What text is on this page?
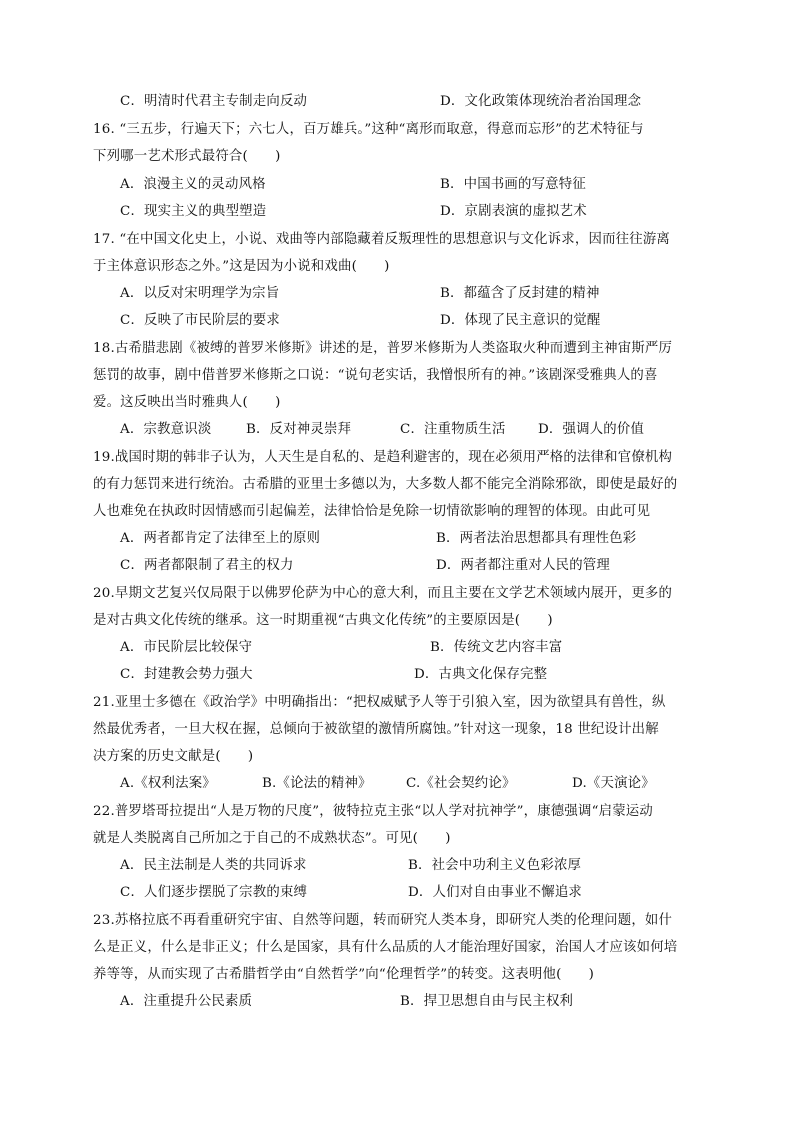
C．明清时代君主专制走向反动	D．文化政策体现统治者治国理念
16. “三五步，行遍天下；六七人，百万雄兵。”这种“离形而取意，得意而忘形”的艺术特征与
下列哪一艺术形式最符合(　　)
A．浪漫主义的灵动风格	B．中国书画的写意特征
C．现实主义的典型塑造	D．京剧表演的虚拟艺术
17. “在中国文化史上，小说、戏曲等内部隐藏着反叛理性的思想意识与文化诉求，因而往往游离
于主体意识形态之外。”这是因为小说和戏曲(　　)
A．以反对宋明理学为宗旨	B．都蕴含了反封建的精神
C．反映了市民阶层的要求	D．体现了民主意识的觉醒
18.古希腊悲剧《被缚的普罗米修斯》讲述的是，普罗米修斯为人类盗取火种而遭到主神宙斯严厉
惩罚的故事，剧中借普罗米修斯之口说：“说句老实话，我憎恨所有的神。”该剧深受雅典人的喜
爱。这反映出当时雅典人(　　)
A．宗教意识淡	B．反对神灵崇拜	C．注重物质生活 D．强调人的价值
19.战国时期的韩非子认为，人天生是自私的、是趋利避害的，现在必须用严格的法律和官僚机构
的有力惩罚来进行统治。古希腊的亚里士多德以为，大多数人都不能完全消除邪欲，即使是最好的
人也难免在执政时因情感而引起偏差，法律恰恰是免除一切情欲影响的理智的体现。由此可见
A．两者都肯定了法律至上的原则	B．两者法治思想都具有理性色彩
C．两者都限制了君主的权力	D．两者都注重对人民的管理
20.早期文艺复兴仅局限于以佛罗伦萨为中心的意大利，而且主要在文学艺术领域内展开，更多的
是对古典文化传统的继承。这一时期重视“古典文化传统”的主要原因是(　　)
A．市民阶层比较保守	B．传统文艺内容丰富
C．封建教会势力强大	D．古典文化保存完整
21.亚里士多德在《政治学》中明确指出：“把权威赋予人等于引狼入室，因为欲望具有兽性，纵
然最优秀者，一旦大权在握，总倾向于被欲望的激情所腐蚀。”针对这一现象，18 世纪设计出解
决方案的历史文献是(　　)
A.《权利法案》	B.《论法的精神》	C.《社会契约论》	D.《天演论》
22.普罗塔哥拉提出“人是万物的尺度”，彼特拉克主张“以人学对抗神学”，康德强调“启蒙运动
就是人类脱离自己所加之于自己的不成熟状态”。可见(　　)
A．民主法制是人类的共同诉求	B．社会中功利主义色彩浓厚
C．人们逐步摆脱了宗教的束缚	D．人们对自由事业不懈追求
23.苏格拉底不再看重研究宇宙、自然等问题，转而研究人类本身，即研究人类的伦理问题，如什
么是正义，什么是非正义；什么是国家，具有什么品质的人才能治理好国家，治国人才应该如何培
养等等，从而实现了古希腊哲学由“自然哲学”向“伦理哲学”的转变。这表明他(　　)
A．注重提升公民素质	B．捍卫思想自由与民主权利
